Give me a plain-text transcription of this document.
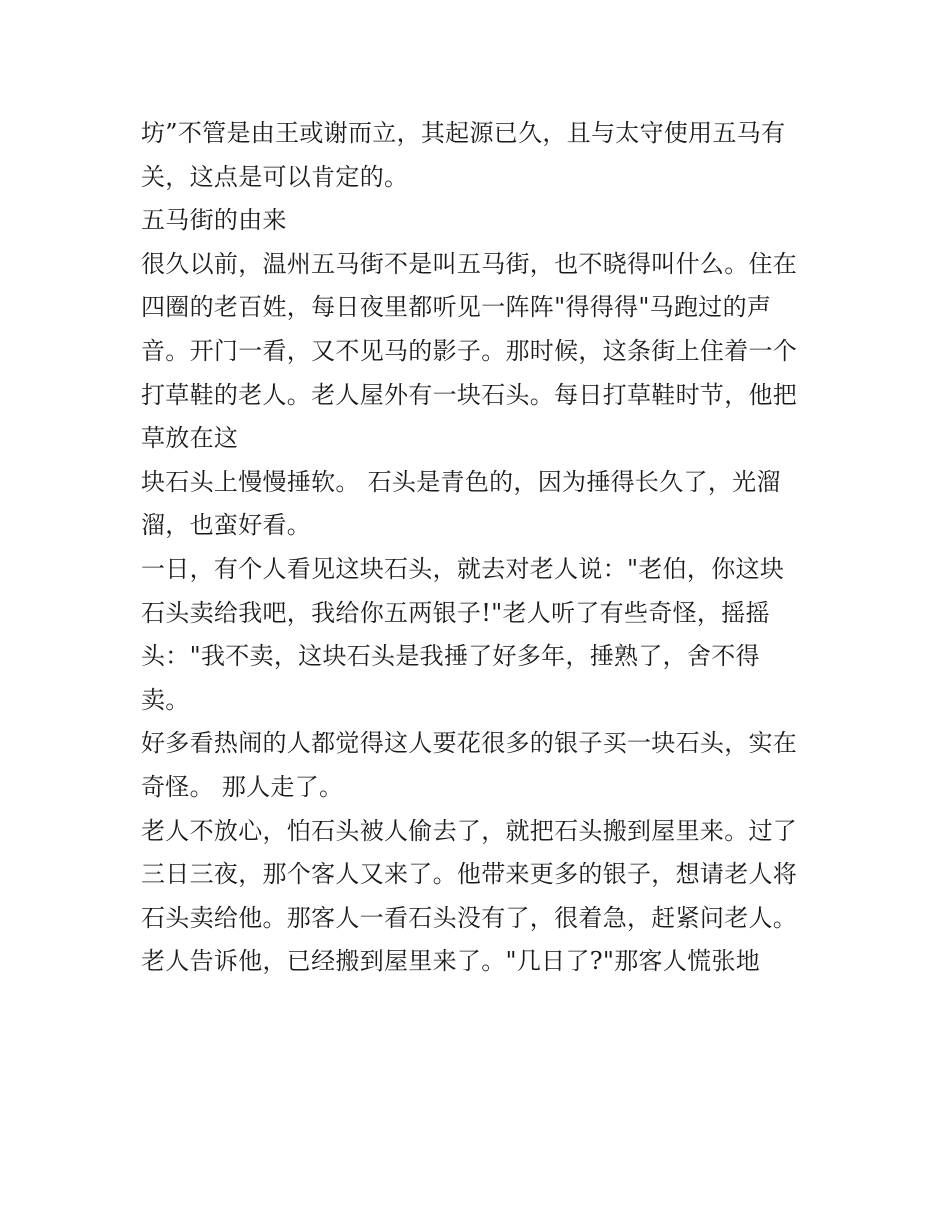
坊”不管是由王或谢而立，其起源已久，且与太守使用五马有
关，这点是可以肯定的。
五马街的由来
很久以前，温州五马街不是叫五马街，也不晓得叫什么。住在
四圈的老百姓，每日夜里都听见一阵阵"得得得"马跑过的声
音。开门一看，又不见马的影子。那时候，这条街上住着一个
打草鞋的老人。老人屋外有一块石头。每日打草鞋时节，他把
草放在这
块石头上慢慢捶软。 石头是青色的，因为捶得长久了，光溜
溜，也蛮好看。
一日，有个人看见这块石头，就去对老人说："老伯，你这块
石头卖给我吧，我给你五两银子!"老人听了有些奇怪，摇摇
头："我不卖，这块石头是我捶了好多年，捶熟了，舍不得
卖。
好多看热闹的人都觉得这人要花很多的银子买一块石头，实在
奇怪。 那人走了。
老人不放心，怕石头被人偷去了，就把石头搬到屋里来。过了
三日三夜，那个客人又来了。他带来更多的银子，想请老人将
石头卖给他。那客人一看石头没有了，很着急，赶紧问老人。
老人告诉他，已经搬到屋里来了。"几日了?"那客人慌张地
